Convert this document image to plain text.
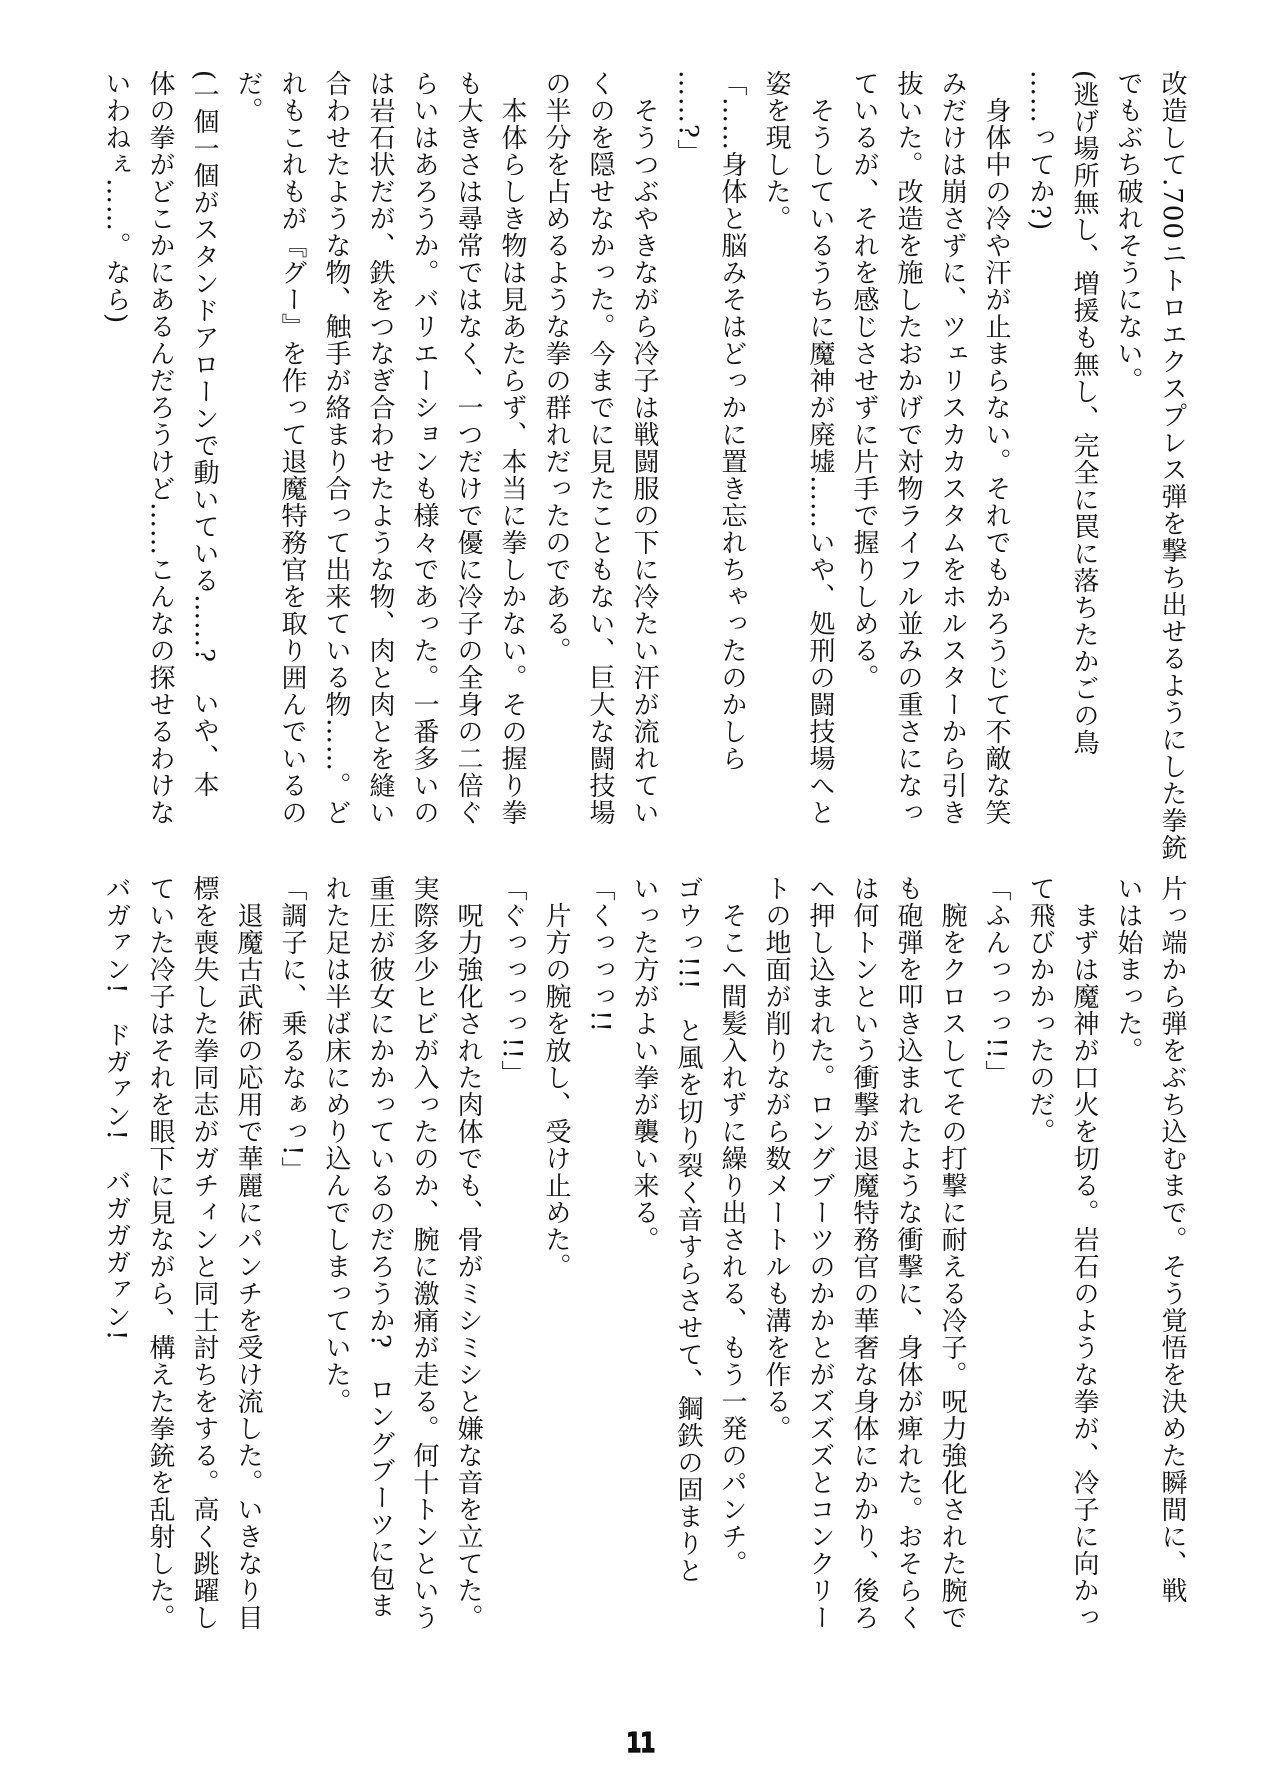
改造して.700ニトロエクスプレス弾を撃ち出せるようにした拳銃
でもぶち破れそうにない。
(逃げ場所無し、増援も無し、完全に罠に落ちたかごの鳥
……ってか?)
　身体中の冷や汗が止まらない。それでもかろうじて不敵な笑
みだけは崩さずに、ツェリスカカスタムをホルスターから引き
抜いた。改造を施したおかげで対物ライフル並みの重さになっ
ているが、それを感じさせずに片手で握りしめる。
　そうしているうちに魔神が廃墟……いや、処刑の闘技場へと
姿を現した。
「……身体と脳みそはどっかに置き忘れちゃったのかしら
……?」
　そうつぶやきながら冷子は戦闘服の下に冷たい汗が流れてい
くのを隠せなかった。今までに見たこともない、巨大な闘技場
の半分を占めるような拳の群れだったのである。
　本体らしき物は見あたらず、本当に拳しかない。その握り拳
も大きさは尋常ではなく、一つだけで優に冷子の全身の二倍ぐ
らいはあろうか。バリエーションも様々であった。一番多いの
は岩石状だが、鉄をつなぎ合わせたような物、肉と肉とを縫い
合わせたような物、触手が絡まり合って出来ている物……。ど
れもこれもが『グー』を作って退魔特務官を取り囲んでいるの
だ。
(一個一個がスタンドアローンで動いている……?　いや、本
体の拳がどこかにあるんだろうけど……こんなの探せるわけな
いわねぇ……。なら)
片っ端から弾をぶち込むまで。そう覚悟を決めた瞬間に、戦
いは始まった。
　まずは魔神が口火を切る。岩石のような拳が、冷子に向かっ
て飛びかかったのだ。
「ふんっっっ!!」
　腕をクロスしてその打撃に耐える冷子。呪力強化された腕で
も砲弾を叩き込まれたような衝撃に、身体が痺れた。おそらく
は何トンという衝撃が退魔特務官の華奢な身体にかかり、後ろ
へ押し込まれた。ロングブーツのかかとがズズズとコンクリー
トの地面が削りながら数メートルも溝を作る。
　そこへ間髪入れずに繰り出される、もう一発のパンチ。
ゴウっ!!!　と風を切り裂く音すらさせて、鋼鉄の固まりと
いった方がよい拳が襲い来る。
「くっっっ!!
　片方の腕を放し、受け止めた。
「ぐっっっっ!!」
　呪力強化された肉体でも、骨がミシミシと嫌な音を立てた。
実際多少ヒビが入ったのか、腕に激痛が走る。何十トンという
重圧が彼女にかかっているのだろうか?　ロングブーツに包ま
れた足は半ば床にめり込んでしまっていた。
「調子に、乗るなぁっ!」
　退魔古武術の応用で華麗にパンチを受け流した。いきなり目
標を喪失した拳同志がガチィンと同士討ちをする。高く跳躍し
ていた冷子はそれを眼下に見ながら、構えた拳銃を乱射した。
バガァン!　ドガァン!　バガガガァン!
11
